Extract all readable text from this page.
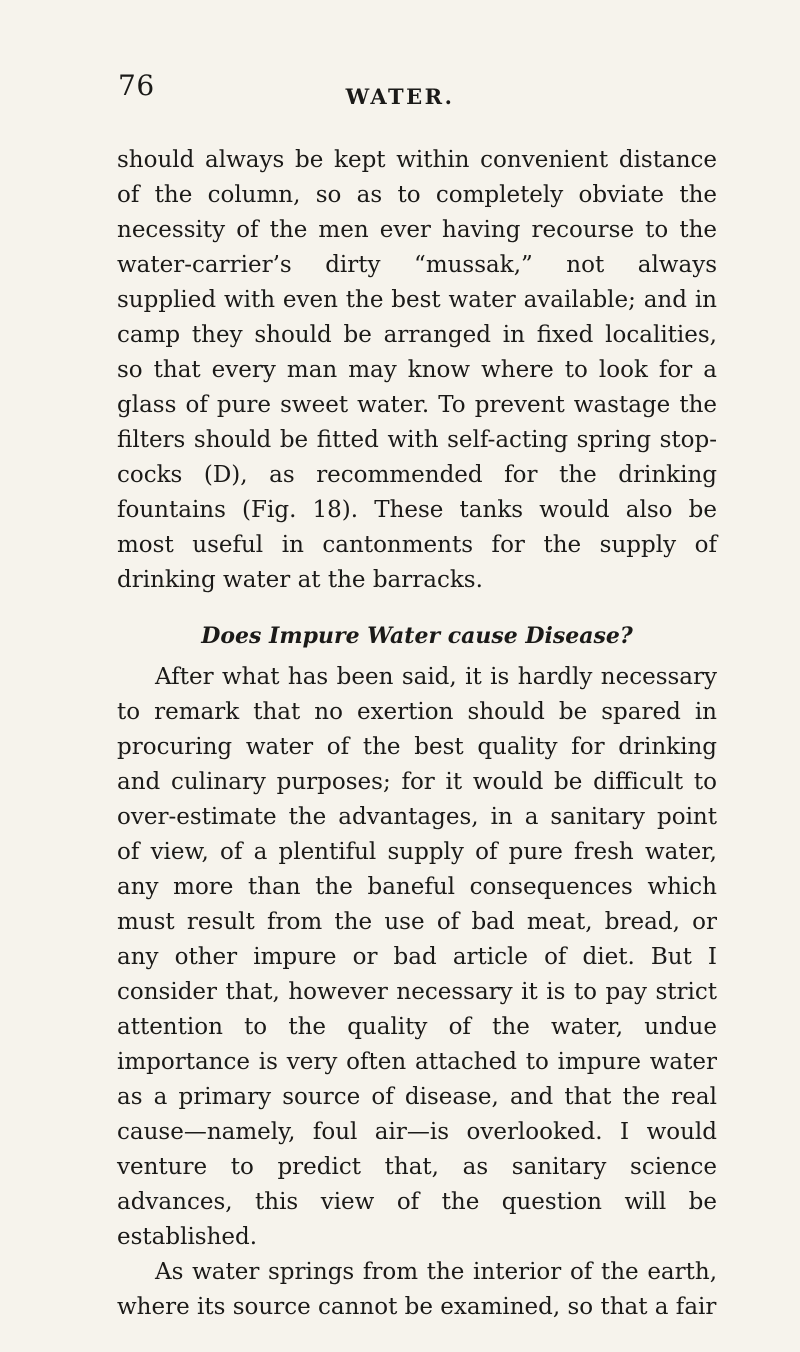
76	WATER.

should always be kept within convenient distance of the column, so as to completely obviate the necessity of the men ever having recourse to the water-carrier’s dirty “mussak,” not always supplied with even the best water available; and in camp they should be arranged in fixed localities, so that every man may know where to look for a glass of pure sweet water. To prevent wastage the filters should be fitted with self-acting spring stop-cocks (D), as recommended for the drinking fountains (Fig. 18). These tanks would also be most useful in cantonments for the supply of drinking water at the barracks.

Does Impure Water cause Disease?

After what has been said, it is hardly necessary to remark that no exertion should be spared in procuring water of the best quality for drinking and culinary purposes; for it would be difficult to over-estimate the advantages, in a sanitary point of view, of a plentiful supply of pure fresh water, any more than the baneful consequences which must result from the use of bad meat, bread, or any other impure or bad article of diet. But I consider that, however necessary it is to pay strict attention to the quality of the water, undue importance is very often attached to impure water as a primary source of disease, and that the real cause—namely, foul air—is overlooked. I would venture to predict that, as sanitary science advances, this view of the question will be established.

As water springs from the interior of the earth, where its source cannot be examined, so that a fair
